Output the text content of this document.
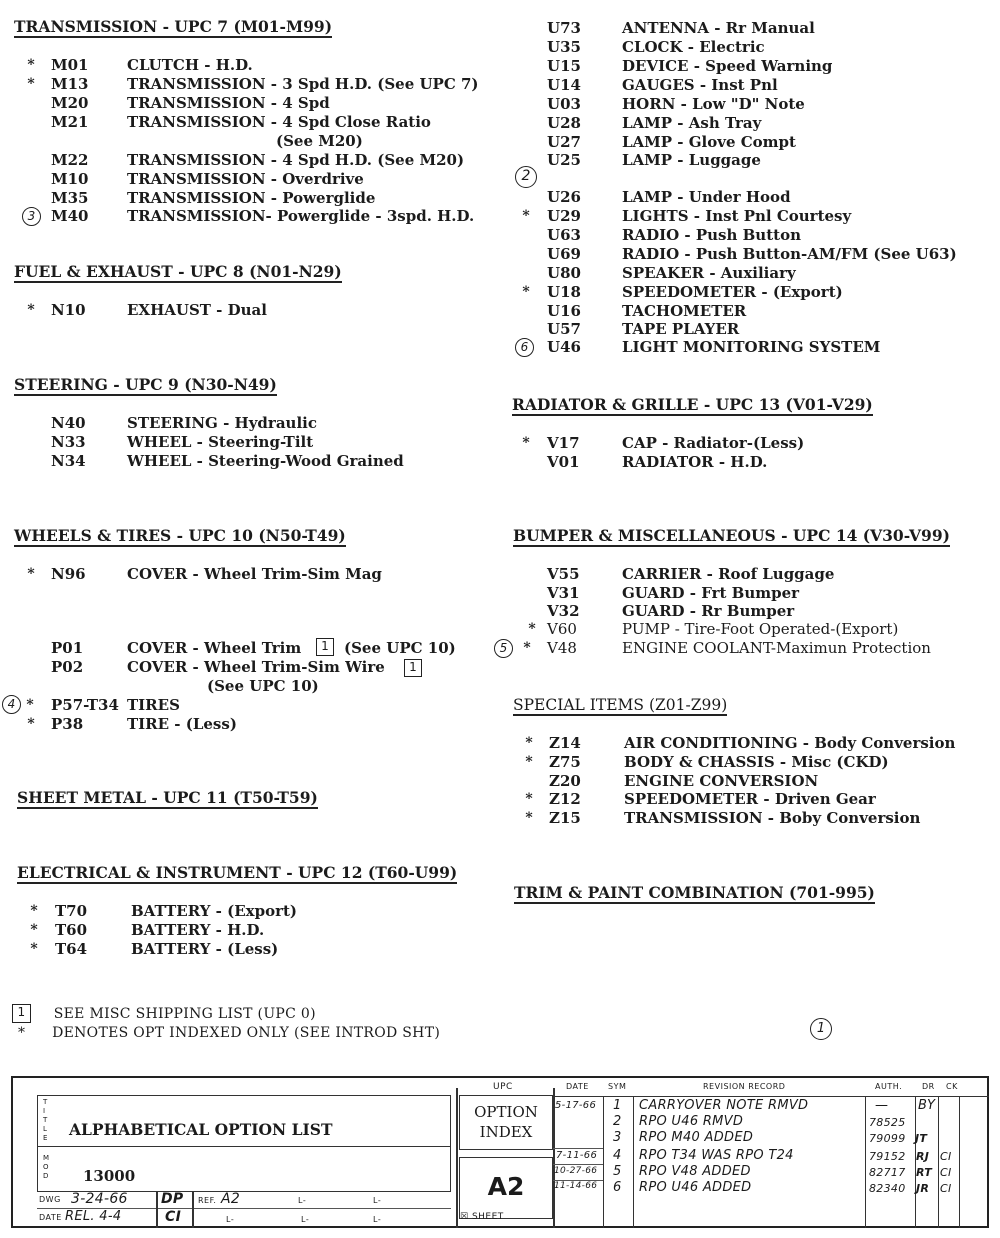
TRANSMISSION - UPC 7 (M01-M99)
* M01	CLUTCH - H.D.
* M13	TRANSMISSION - 3 Spd H.D. (See UPC 7)
M20	TRANSMISSION - 4 Spd
M21	TRANSMISSION - 4 Spd Close Ratio
(See M20)
M22	TRANSMISSION - 4 Spd H.D. (See M20)
M10	TRANSMISSION - Overdrive
M35	TRANSMISSION - Powerglide
3	M40	TRANSMISSION- Powerglide - 3spd. H.D.
FUEL & EXHAUST - UPC 8 (N01-N29)
* N10	EXHAUST - Dual
STEERING - UPC 9 (N30-N49)
N40	STEERING - Hydraulic
N33	WHEEL - Steering-Tilt
N34	WHEEL - Steering-Wood Grained
WHEELS & TIRES - UPC 10 (N50-T49)
* N96	COVER - Wheel Trim-Sim Mag
P01	COVER - Wheel Trim	1	(See UPC 10)
P02	COVER - Wheel Trim-Sim Wire	1
(See UPC 10)
4 * P57-T34 TIRES
* P38	TIRE - (Less)
SHEET METAL - UPC 11 (T50-T59)
ELECTRICAL & INSTRUMENT - UPC 12 (T60-U99)
* T70	BATTERY - (Export)
* T60	BATTERY - H.D.
* T64	BATTERY - (Less)
U73	ANTENNA - Rr Manual
U35	CLOCK - Electric
U15	DEVICE - Speed Warning
U14	GAUGES - Inst Pnl
U03	HORN - Low "D" Note
U28	LAMP - Ash Tray
U27	LAMP - Glove Compt
U25	LAMP - Luggage
2
U26	LAMP - Under Hood
* U29	LIGHTS - Inst Pnl Courtesy
U63	RADIO - Push Button
U69	RADIO - Push Button-AM/FM (See U63)
U80	SPEAKER - Auxiliary
* U18	SPEEDOMETER - (Export)
U16	TACHOMETER
U57	TAPE PLAYER
6	U46	LIGHT MONITORING SYSTEM
RADIATOR & GRILLE - UPC 13 (V01-V29)
* V17	CAP - Radiator-(Less)
V01	RADIATOR - H.D.
BUMPER & MISCELLANEOUS - UPC 14 (V30-V99)
V55	CARRIER - Roof Luggage
V31	GUARD - Frt Bumper
V32	GUARD - Rr Bumper
* V60	PUMP - Tire-Foot Operated-(Export)
5	* V48	ENGINE COOLANT-Maximun Protection
SPECIAL ITEMS (Z01-Z99)
* Z14	AIR CONDITIONING - Body Conversion
* Z75	BODY & CHASSIS - Misc (CKD)
Z20	ENGINE CONVERSION
* Z12	SPEEDOMETER - Driven Gear
* Z15	TRANSMISSION - Boby Conversion
TRIM & PAINT COMBINATION (701-995)
1
1 SEE MISC SHIPPING LIST (UPC 0)
* DENOTES OPT INDEXED ONLY (SEE INTROD SHT)
T I T L E ALPHABETICAL OPTION LIST
M O D 13000
DWG 3-24-66 DP
DATE REL. 4-4	CI
REF. A2	L-	L-
L-	L-	L-
UPC
OPTION
INDEX
A2
☒ SHEET
DATE SYM	REVISION RECORD	AUTH. DR CK
5-17-66 1 CARRYOVER NOTE RMVD	— BY
2 RPO U46 RMVD	78525
3 RPO M40 ADDED	79099 JT
7-11-66 4 RPO T34 WAS RPO T24	79152 RJ CI
10-27-66 5 RPO V48 ADDED	82717 RT CI
11-14-66 6 RPO U46 ADDED	82340 JR CI
